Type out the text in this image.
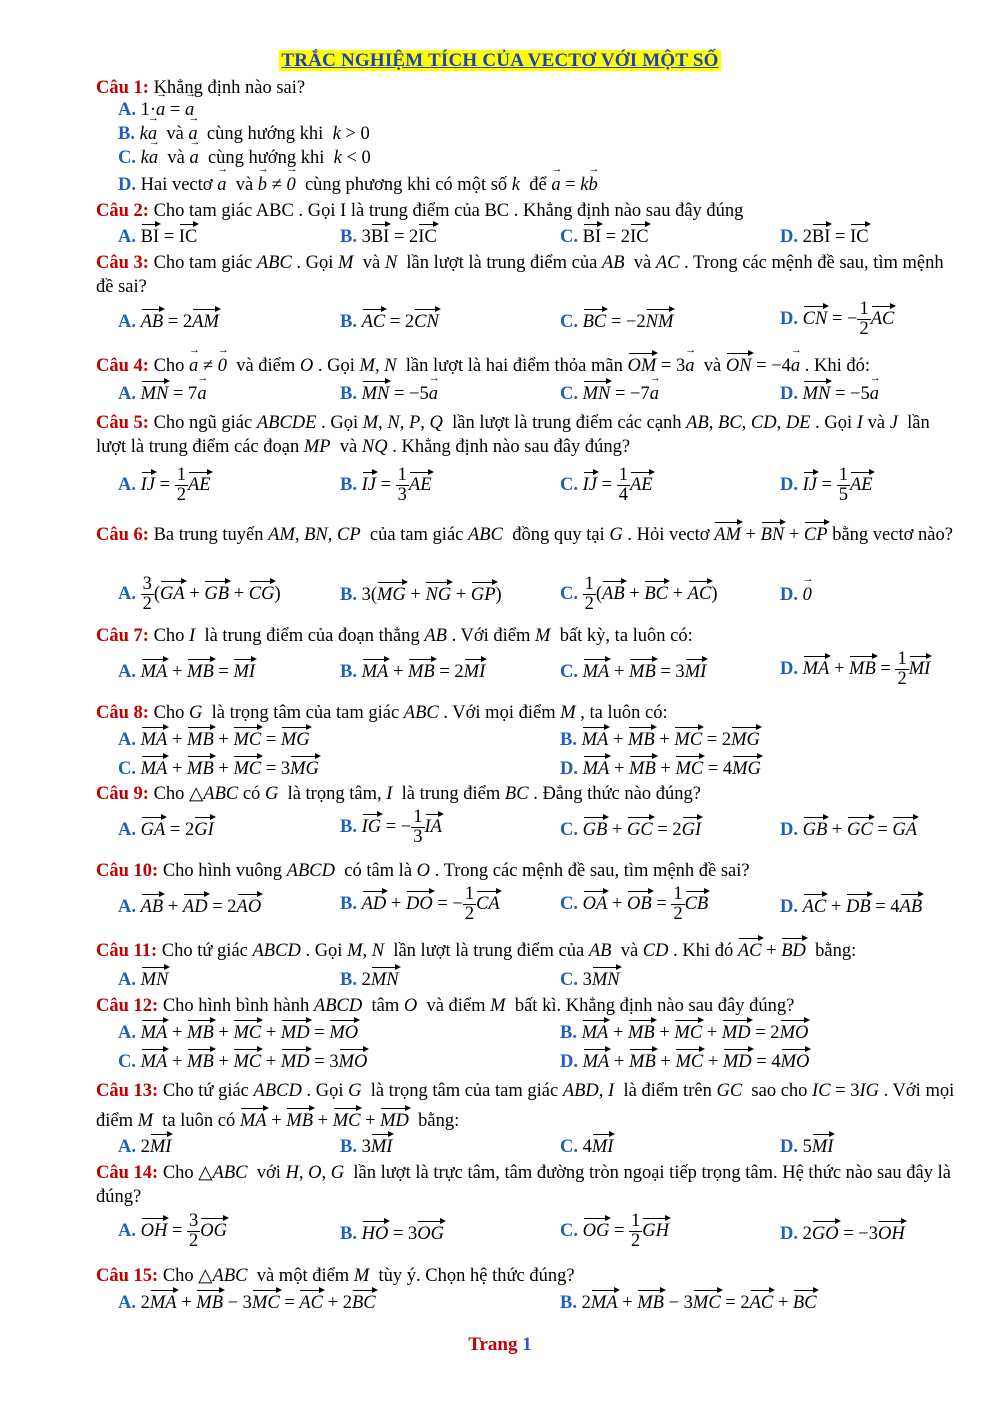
TRẮC NGHIỆM TÍCH CỦA VECTƠ VỚI MỘT SỐ
Câu 1: Khẳng định nào sai?
A. 1·a → = a →
B. ka → và a → cùng hướng khi k > 0
C. ka → và a → cùng hướng khi k < 0
D. Hai vectơ a → và b → ≠ 0 → cùng phương khi có một số k để a → = kb →
Câu 2: Cho tam giác ABC . Gọi I là trung điểm của BC . Khẳng định nào sau đây đúng
A. BI = IC	B. 3BI = 2IC	C. BI = 2IC	D. 2BI = IC
Câu 3: Cho tam giác ABC . Gọi M và N lần lượt là trung điểm của AB và AC . Trong các mệnh đề sau, tìm mệnh đề sai?
A. AB = 2AM	B. AC = 2CN	C. BC = −2NM	D. CN = − $\frac{1}{2}$ AC
Câu 4: Cho a → ≠ 0 → và điểm O . Gọi M, N lần lượt là hai điểm thỏa mãn OM = 3a → và ON = −4a → . Khi đó:
A. MN = 7a →	B. MN = −5a →	C. MN = −7a →	D. MN = −5a →
Câu 5: Cho ngũ giác ABCDE . Gọi M, N, P, Q lần lượt là trung điểm các cạnh AB, BC, CD, DE . Gọi I và J lần lượt là trung điểm các đoạn MP và NQ . Khẳng định nào sau đây đúng?
A. IJ = $\frac{1}{2}$ AE	B. IJ = $\frac{1}{3}$ AE	C. IJ = $\frac{1}{4}$ AE	D. IJ = $\frac{1}{5}$ AE
Câu 6: Ba trung tuyến AM, BN, CP của tam giác ABC đồng quy tại G . Hỏi vectơ AM + BN + CP bằng vectơ nào?
A. $\frac{3}{2} (GA$ + GB + CG)	B. 3(MG + NG + GP)	C. $\frac{1}{2} (AB$ + BC + AC)	D. 0 →
Câu 7: Cho I là trung điểm của đoạn thẳng AB . Với điểm M bất kỳ, ta luôn có:
A. MA + MB = MI	B. MA + MB = 2MI	C. MA + MB = 3MI	D. MA + MB = $\frac{1}{2}$ MI
Câu 8: Cho G là trọng tâm của tam giác ABC . Với mọi điểm M , ta luôn có:
A. MA + MB + MC = MG	B. MA + MB + MC = 2MG
C. MA + MB + MC = 3MG	D. MA + MB + MC = 4MG
Câu 9: Cho △ABC có G là trọng tâm, I là trung điểm BC . Đẳng thức nào đúng?
A. GA = 2GI	B. IG = − $\frac{1}{3}$ IA	C. GB + GC = 2GI	D. GB + GC = GA
Câu 10: Cho hình vuông ABCD có tâm là O . Trong các mệnh đề sau, tìm mệnh đề sai?
A. AB + AD = 2AO	B. AD + DO = − $\frac{1}{2}$ CA	C. OA + OB = $\frac{1}{2}$ CB	D. AC + DB = 4AB
Câu 11: Cho tứ giác ABCD . Gọi M, N lần lượt là trung điểm của AB và CD . Khi đó AC + BD bằng:
A. MN	B. 2MN	C. 3MN
Câu 12: Cho hình bình hành ABCD tâm O và điểm M bất kì. Khẳng định nào sau đây đúng?
A. MA + MB + MC + MD = MO	B. MA + MB + MC + MD = 2MO
C. MA + MB + MC + MD = 3MO	D. MA + MB + MC + MD = 4MO
Câu 13: Cho tứ giác ABCD . Gọi G là trọng tâm của tam giác ABD, I là điểm trên GC sao cho IC = 3IG . Với mọi điểm M ta luôn có MA + MB + MC + MD bằng:
A. 2MI	B. 3MI	C. 4MI	D. 5MI
Câu 14: Cho △ABC với H, O, G lần lượt là trực tâm, tâm đường tròn ngoại tiếp trọng tâm. Hệ thức nào sau đây là đúng?
A. OH = $\frac{3}{2}$ OG	B. HO = 3OG	C. OG = $\frac{1}{2}$ GH	D. 2GO = −3OH
Câu 15: Cho △ABC và một điểm M tùy ý. Chọn hệ thức đúng?
A. 2MA + MB − 3MC = AC + 2BC	B. 2MA + MB − 3MC = 2AC + BC
Trang 1
